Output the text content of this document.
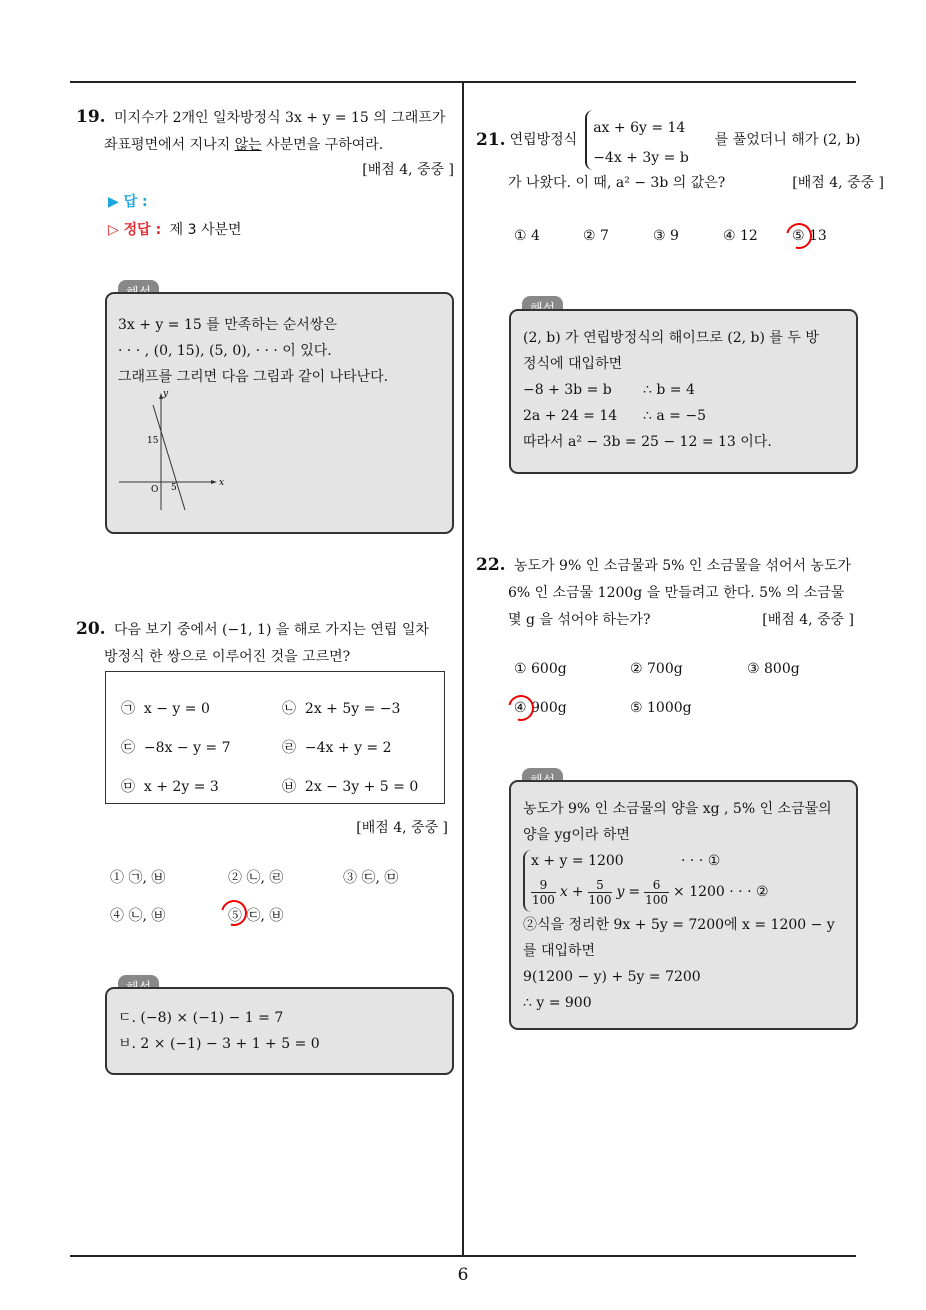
19. 미지수가 2개인 일차방정식 3x + y = 15 의 그래프가
좌표평면에서 지나지 않는 사분면을 구하여라.
[배점 4, 중중 ]
▶ 답 :
▷ 정답 : 제 3 사분면
3x + y = 15 를 만족하는 순서쌍은
· · · , (0, 15), (5, 0), · · · 이 있다.
그래프를 그리면 다음 그림과 같이 나타난다.
y
x
15
O 5
20. 다음 보기 중에서 (−1, 1) 을 해로 가지는 연립 일차
방정식 한 쌍으로 이루어진 것을 고르면?
㉠ x − y = 0	㉡ 2x + 5y = −3
㉢ −8x − y = 7	㉣ −4x + y = 2
㉤ x + 2y = 3	㉥ 2x − 3y + 5 = 0
[배점 4, 중중 ]
① ㉠, ㉥	② ㉡, ㉣	③ ㉢, ㉤
④ ㉡, ㉥	⑤ ㉢, ㉥
ㄷ. (−8) × (−1) − 1 = 7
ㅂ. 2 × (−1) − 3 + 1 + 5 = 0
21. 연립방정식
ax + 6y = 14
−4x + 3y = b
를 풀었더니 해가 (2, b)
가 나왔다. 이 때, a² − 3b 의 값은?	[배점 4, 중중 ]
① 4	② 7	③ 9	④ 12 ⑤ 13
(2, b) 가 연립방정식의 해이므로 (2, b) 를 두 방
정식에 대입하면
−8 + 3b = b ∴ b = 4
2a + 24 = 14 ∴ a = −5
따라서 a² − 3b = 25 − 12 = 13 이다.
22. 농도가 9% 인 소금물과 5% 인 소금물을 섞어서 농도가
6% 인 소금물 1200g 을 만들려고 한다. 5% 의 소금물
몇 g 을 섞어야 하는가?	[배점 4, 중중 ]
① 600g	② 700g	③ 800g
④ 900g	⑤ 1000g
농도가 9% 인 소금물의 양을 xg , 5% 인 소금물의
양을 yg이라 하면
x + y = 1200	· · · ①
$\frac{9}{100}$ $x + \frac{5}{100}$ $y = \frac{6}{100} \times 1200$ · · · ②
②식을 정리한 9x + 5y = 7200에 x = 1200 − y
를 대입하면
9(1200 − y) + 5y = 7200
∴ y = 900
6
